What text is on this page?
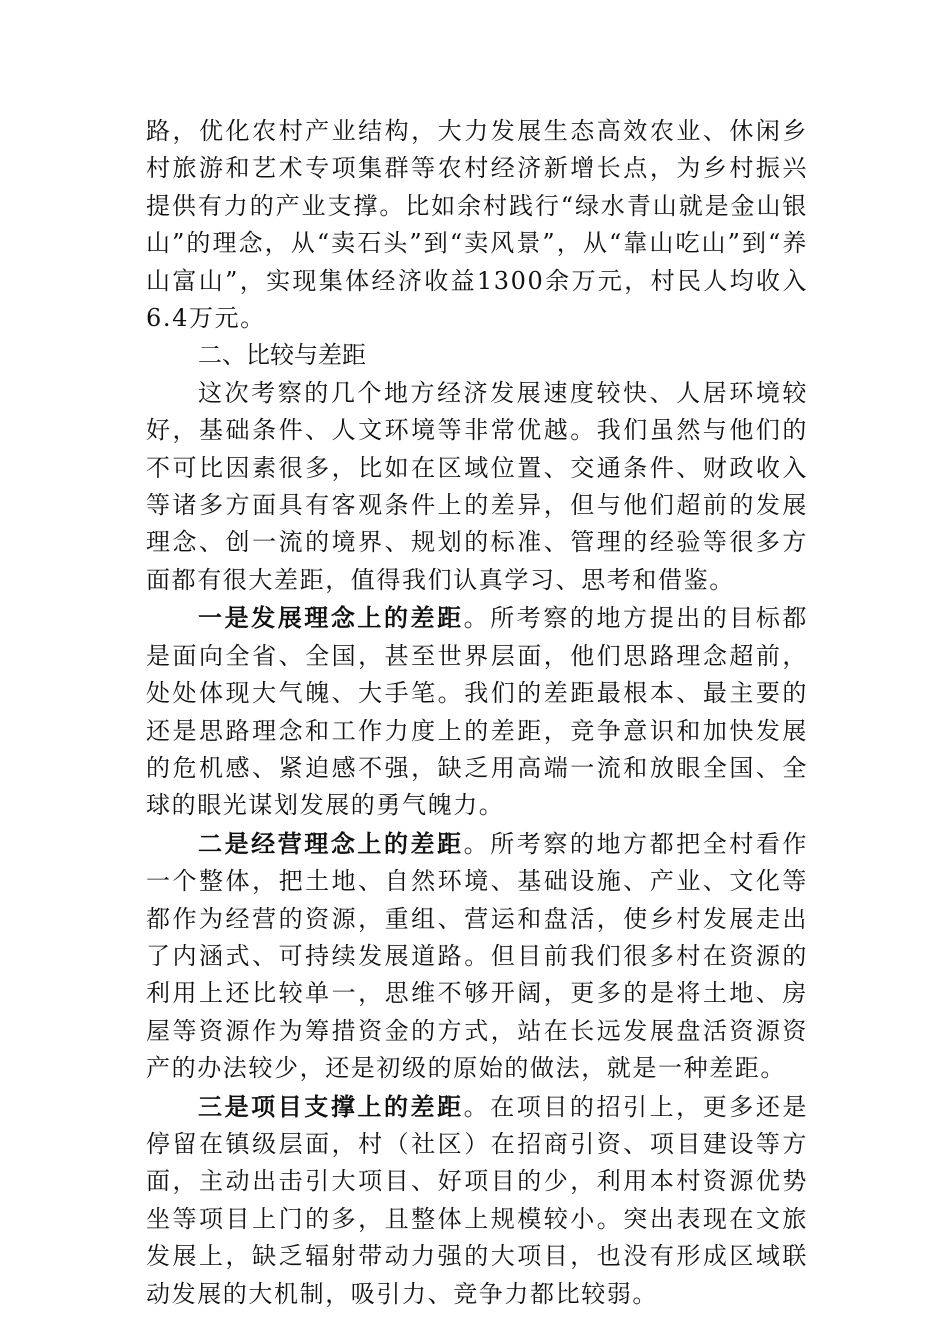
路，优化农村产业结构，大力发展生态高效农业、休闲乡村旅游和艺术专项集群等农村经济新增长点，为乡村振兴提供有力的产业支撑。比如余村践行“绿水青山就是金山银山”的理念，从“卖石头”到“卖风景”，从“靠山吃山”到“养山富山”，实现集体经济收益1300余万元，村民人均收入6.4万元。

二、比较与差距

这次考察的几个地方经济发展速度较快、人居环境较好，基础条件、人文环境等非常优越。我们虽然与他们的不可比因素很多，比如在区域位置、交通条件、财政收入等诸多方面具有客观条件上的差异，但与他们超前的发展理念、创一流的境界、规划的标准、管理的经验等很多方面都有很大差距，值得我们认真学习、思考和借鉴。

一是发展理念上的差距。所考察的地方提出的目标都是面向全省、全国，甚至世界层面，他们思路理念超前，处处体现大气魄、大手笔。我们的差距最根本、最主要的还是思路理念和工作力度上的差距，竞争意识和加快发展的危机感、紧迫感不强，缺乏用高端一流和放眼全国、全球的眼光谋划发展的勇气魄力。

二是经营理念上的差距。所考察的地方都把全村看作一个整体，把土地、自然环境、基础设施、产业、文化等都作为经营的资源，重组、营运和盘活，使乡村发展走出了内涵式、可持续发展道路。但目前我们很多村在资源的利用上还比较单一，思维不够开阔，更多的是将土地、房屋等资源作为筹措资金的方式，站在长远发展盘活资源资产的办法较少，还是初级的原始的做法，就是一种差距。

三是项目支撑上的差距。在项目的招引上，更多还是停留在镇级层面，村（社区）在招商引资、项目建设等方面，主动出击引大项目、好项目的少，利用本村资源优势坐等项目上门的多，且整体上规模较小。突出表现在文旅发展上，缺乏辐射带动力强的大项目，也没有形成区域联动发展的大机制，吸引力、竞争力都比较弱。
